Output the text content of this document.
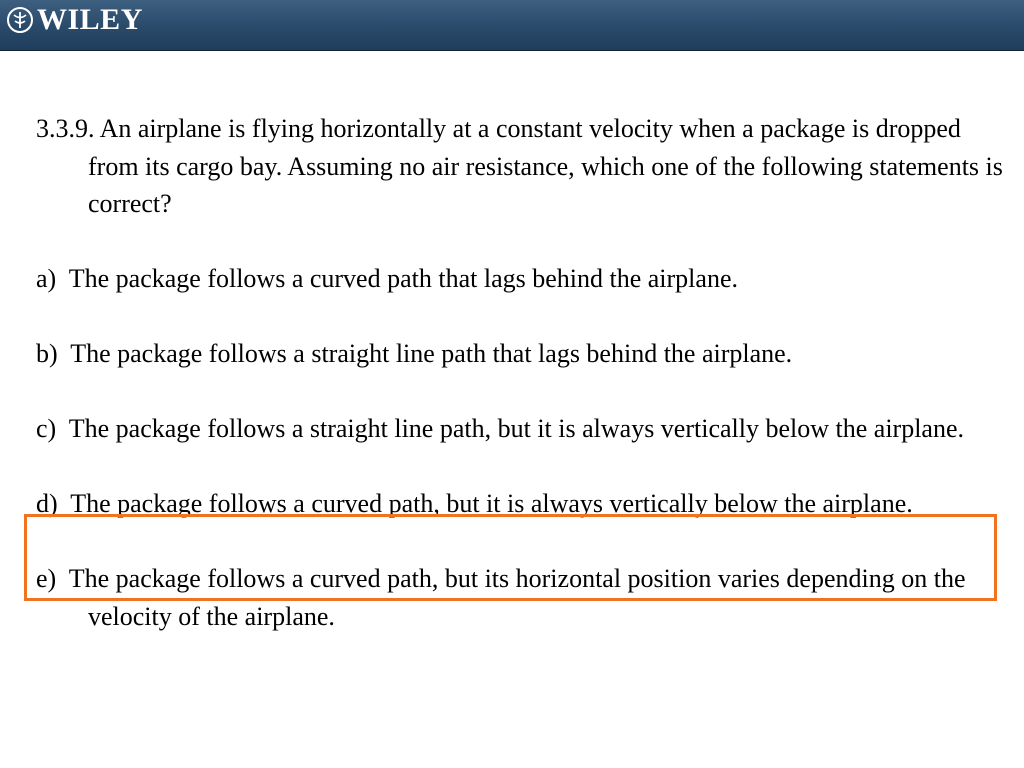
WILEY
3.3.9. An airplane is flying horizontally at a constant velocity when a package is dropped from its cargo bay. Assuming no air resistance, which one of the following statements is correct?
a) The package follows a curved path that lags behind the airplane.
b) The package follows a straight line path that lags behind the airplane.
c) The package follows a straight line path, but it is always vertically below the airplane.
d) The package follows a curved path, but it is always vertically below the airplane.
e) The package follows a curved path, but its horizontal position varies depending on the velocity of the airplane.
